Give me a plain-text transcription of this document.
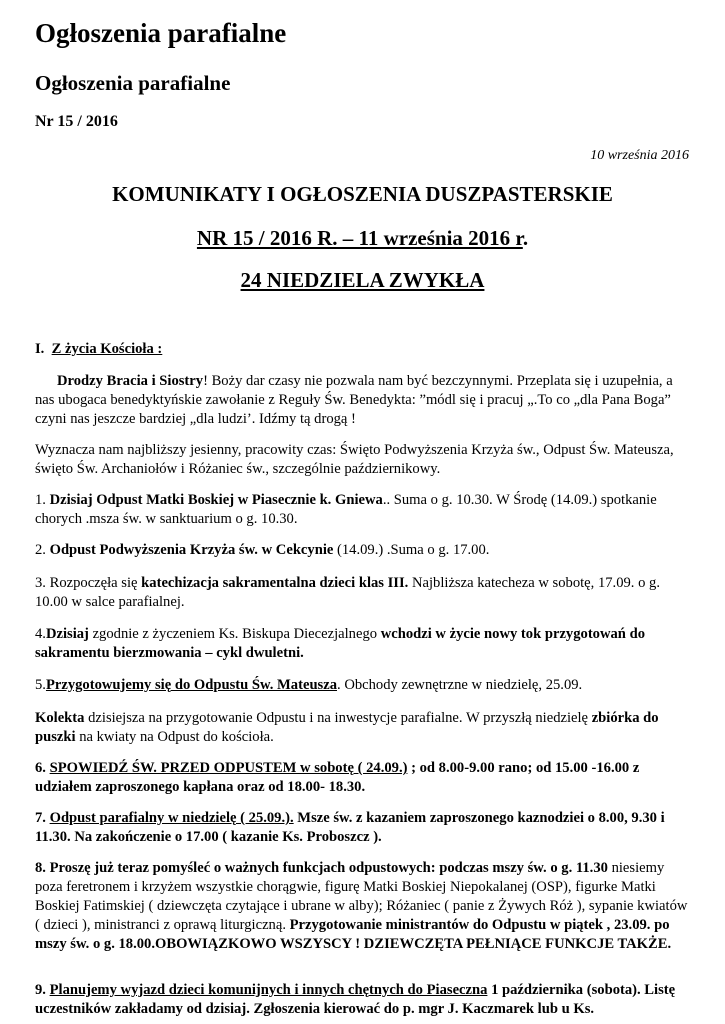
Ogłoszenia parafialne
Ogłoszenia parafialne
Nr 15 / 2016
10 września 2016
KOMUNIKATY I OGŁOSZENIA DUSZPASTERSKIE
NR 15 / 2016 R. – 11 września 2016 r.
24 NIEDZIELA ZWYKŁA
I. Z życia Kościoła :
Drodzy Bracia i Siostry! Boży dar czasy nie pozwala nam być bezczynnymi. Przeplata się i uzupełnia, a nas ubogaca benedyktyńskie zawołanie z Reguły Św. Benedykta: ”módl się i pracuj „.To co „dla Pana Boga” czyni nas jeszcze bardziej „dla ludzi’. Idźmy tą drogą !
Wyznacza nam najbliższy jesienny, pracowity czas: Święto Podwyższenia Krzyża św., Odpust Św. Mateusza, święto Św. Archaniołów i Różaniec św., szczególnie październikowy.
1. Dzisiaj Odpust Matki Boskiej w Piasecznie k. Gniewa.. Suma o g. 10.30. W Środę (14.09.) spotkanie chorych .msza św. w sanktuarium o g. 10.30.
2. Odpust Podwyższenia Krzyża św. w Cekcynie (14.09.) .Suma o g. 17.00.
3. Rozpoczęła się katechizacja sakramentalna dzieci klas III. Najbliższa katecheza w sobotę, 17.09. o g. 10.00 w salce parafialnej.
4.Dzisiaj zgodnie z życzeniem Ks. Biskupa Diecezjalnego wchodzi w życie nowy tok przygotowań do sakramentu bierzmowania – cykl dwuletni.
5.Przygotowujemy się do Odpustu Św. Mateusza. Obchody zewnętrzne w niedzielę, 25.09.
Kolekta dzisiejsza na przygotowanie Odpustu i na inwestycje parafialne. W przyszłą niedzielę zbiórka do puszki na kwiaty na Odpust do kościoła.
6. SPOWIEDŹ ŚW. PRZED ODPUSTEM w sobotę ( 24.09.) ; od 8.00-9.00 rano; od 15.00 -16.00 z udziałem zaproszonego kapłana oraz od 18.00- 18.30.
7. Odpust parafialny w niedzielę ( 25.09.). Msze św. z kazaniem zaproszonego kaznodziei o 8.00, 9.30 i 11.30. Na zakończenie o 17.00 ( kazanie Ks. Proboszcz ).
8. Proszę już teraz pomyśleć o ważnych funkcjach odpustowych: podczas mszy św. o g. 11.30 niesiemy poza feretronem i krzyżem wszystkie chorągwie, figurę Matki Boskiej Niepokalanej (OSP), figurke Matki Boskiej Fatimskiej ( dziewczęta czytające i ubrane w alby); Różaniec ( panie z Żywych Róż ), sypanie kwiatów ( dzieci ), ministranci z oprawą liturgiczną. Przygotowanie ministrantów do Odpustu w piątek , 23.09. po mszy św. o g. 18.00.OBOWIĄZKOWO WSZYSCY ! DZIEWCZĘTA PEŁNIĄCE FUNKCJE TAKŻE.
9. Planujemy wyjazd dzieci komunijnych i innych chętnych do Piaseczna 1 października (sobota). Listę uczestników zakładamy od dzisiaj. Zgłoszenia kierować do p. mgr J. Kaczmarek lub u Ks.
